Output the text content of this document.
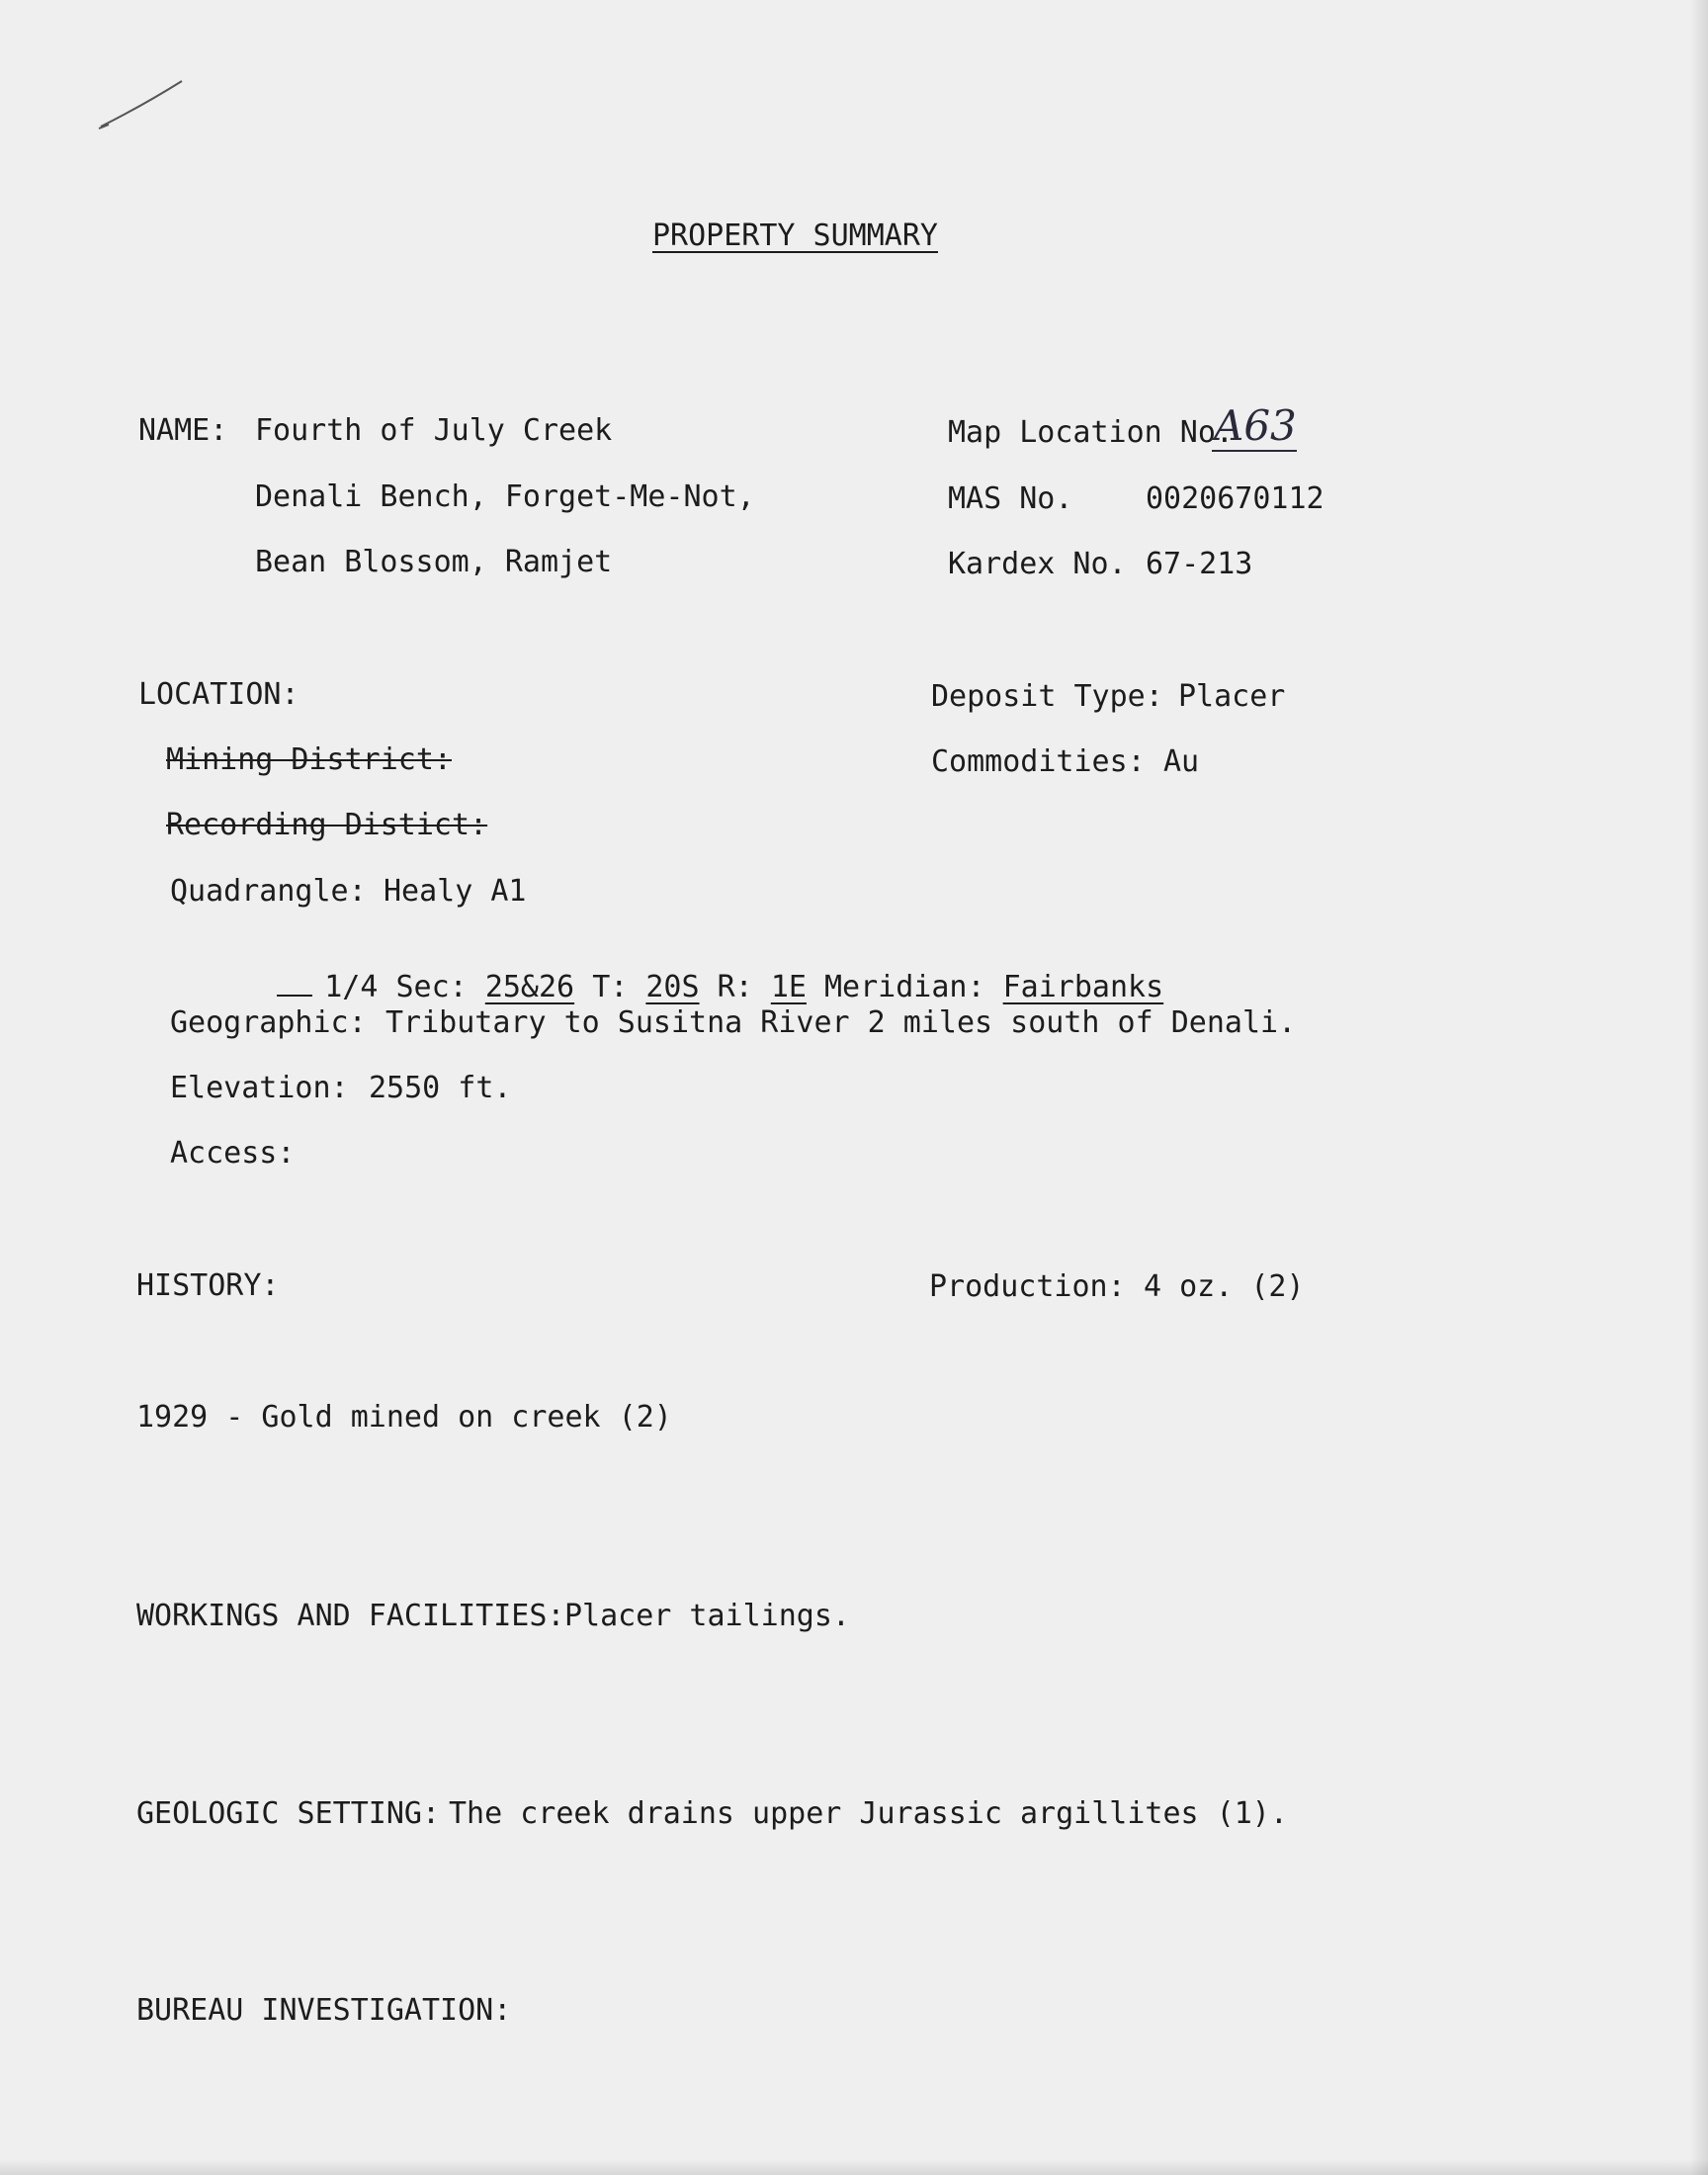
PROPERTY SUMMARY
NAME: Fourth of July Creek
Denali Bench, Forget-Me-Not,
Bean Blossom, Ramjet
Map Location No.
A63
MAS No. 0020670112
Kardex No. 67-213
LOCATION:
Mining District:
Recording Distict:
Quadrangle: Healy A1

1/4 Sec: 25&26 T: 20S R: 1E Meridian: Fairbanks

Geographic: Tributary to Susitna River 2 miles south of Denali.
Elevation: 2550 ft.
Access:
Deposit Type: Placer
Commodities: Au
HISTORY:	Production: 4 oz. (2)
1929 - Gold mined on creek (2)
WORKINGS AND FACILITIES: Placer tailings.
GEOLOGIC SETTING: The creek drains upper Jurassic argillites (1).
BUREAU INVESTIGATION:
